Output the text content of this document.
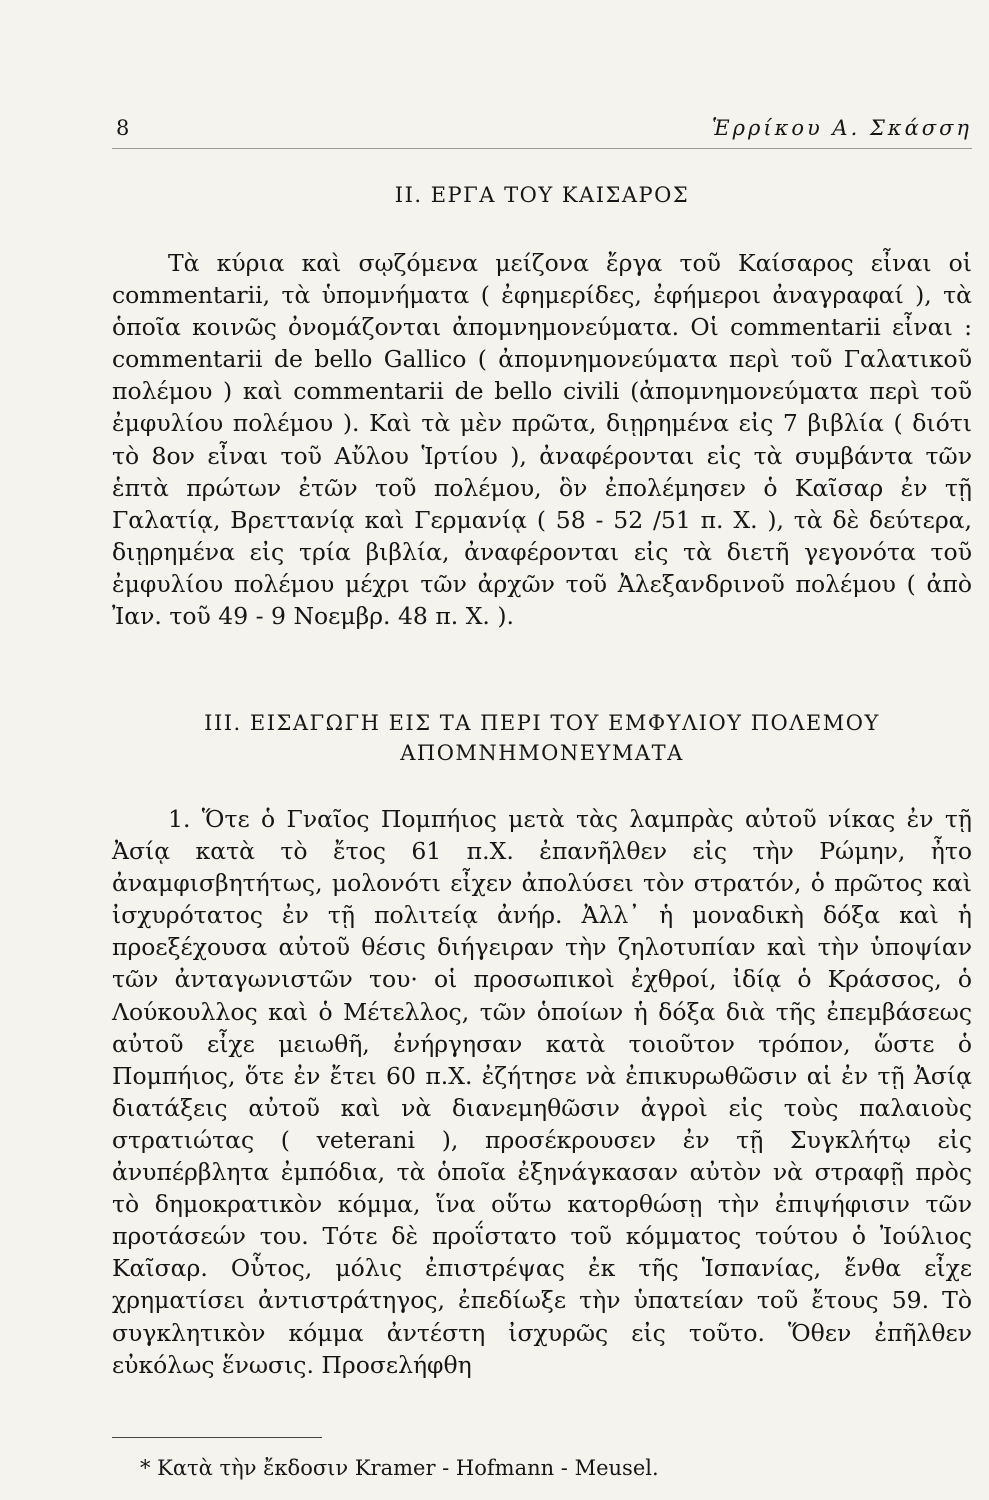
8	Ἑρρίκου Α. Σκάσση
II. ΕΡΓΑ ΤΟΥ ΚΑΙΣΑΡΟΣ

Τὰ κύρια καὶ σῳζόμενα μείζονα ἔργα τοῦ Καίσαρος εἶναι οἱ commentarii, τὰ ὑπομνήματα ( ἐφημερίδες, ἐφήμεροι ἀναγραφαί ), τὰ ὁποῖα κοινῶς ὀνομάζονται ἀπομνημονεύματα. Οἱ commentarii εἶναι : commentarii de bello Gallico ( ἀπομνημονεύματα περὶ τοῦ Γαλατικοῦ πολέμου ) καὶ commentarii de bello civili (ἀπομνημονεύματα περὶ τοῦ ἐμφυλίου πολέμου ). Καὶ τὰ μὲν πρῶτα, διῃρημένα εἰς 7 βιβλία ( διότι τὸ 8ον εἶναι τοῦ Αὔλου Ἱρτίου ), ἀναφέρονται εἰς τὰ συμβάντα τῶν ἑπτὰ πρώτων ἐτῶν τοῦ πολέμου, ὃν ἐπολέμησεν ὁ Καῖσαρ ἐν τῇ Γαλατίᾳ, Βρεττανίᾳ καὶ Γερμανίᾳ ( 58 - 52 /51 π. Χ. ), τὰ δὲ δεύτερα, διῃρημένα εἰς τρία βιβλία, ἀναφέρονται εἰς τὰ διετῆ γεγονότα τοῦ ἐμφυλίου πολέμου μέχρι τῶν ἀρχῶν τοῦ Ἀλεξανδρινοῦ πολέμου ( ἀπὸ Ἰαν. τοῦ 49 - 9 Νοεμβρ. 48 π. Χ. ).

III. ΕΙΣΑΓΩΓΗ ΕΙΣ ΤΑ ΠΕΡΙ ΤΟΥ ΕΜΦΥΛΙΟΥ ΠΟΛΕΜΟΥ
ΑΠΟΜΝΗΜΟΝΕΥΜΑΤΑ

1. Ὅτε ὁ Γναῖος Πομπήιος μετὰ τὰς λαμπρὰς αὐτοῦ νίκας ἐν τῇ Ἀσίᾳ κατὰ τὸ ἔτος 61 π.Χ. ἐπανῆλθεν εἰς τὴν Ρώμην, ἦτο ἀναμφισβητήτως, μολονότι εἶχεν ἀπολύσει τὸν στρατόν, ὁ πρῶτος καὶ ἰσχυρότατος ἐν τῇ πολιτείᾳ ἀνήρ. Ἀλλ᾽ ἡ μοναδικὴ δόξα καὶ ἡ προεξέχουσα αὐτοῦ θέσις διήγειραν τὴν ζηλοτυπίαν καὶ τὴν ὑποψίαν τῶν ἀνταγωνιστῶν του· οἱ προσωπικοὶ ἐχθροί, ἰδίᾳ ὁ Κράσσος, ὁ Λούκουλλος καὶ ὁ Μέτελλος, τῶν ὁποίων ἡ δόξα διὰ τῆς ἐπεμβάσεως αὐτοῦ εἶχε μειωθῆ, ἐνήργησαν κατὰ τοιοῦτον τρόπον, ὥστε ὁ Πομπήιος, ὅτε ἐν ἔτει 60 π.Χ. ἐζήτησε νὰ ἐπικυρωθῶσιν αἱ ἐν τῇ Ἀσίᾳ διατάξεις αὐτοῦ καὶ νὰ διανεμηθῶσιν ἀγροὶ εἰς τοὺς παλαιοὺς στρατιώτας ( veterani ), προσέκρουσεν ἐν τῇ Συγκλήτῳ εἰς ἀνυπέρβλητα ἐμπόδια, τὰ ὁποῖα ἐξηνάγκασαν αὐτὸν νὰ στραφῇ πρὸς τὸ δημοκρατικὸν κόμμα, ἵνα οὕτω κατορθώσῃ τὴν ἐπιψήφισιν τῶν προτάσεών του. Τότε δὲ προΐστατο τοῦ κόμματος τούτου ὁ Ἰούλιος Καῖσαρ. Οὗτος, μόλις ἐπιστρέψας ἐκ τῆς Ἱσπανίας, ἔνθα εἶχε χρηματίσει ἀντιστράτηγος, ἐπεδίωξε τὴν ὑπατείαν τοῦ ἔτους 59. Τὸ συγκλητικὸν κόμμα ἀντέστη ἰσχυρῶς εἰς τοῦτο. Ὅθεν ἐπῆλθεν εὐκόλως ἕνωσις. Προσελήφθη

* Κατὰ τὴν ἔκδοσιν Kramer - Hofmann - Meusel.
